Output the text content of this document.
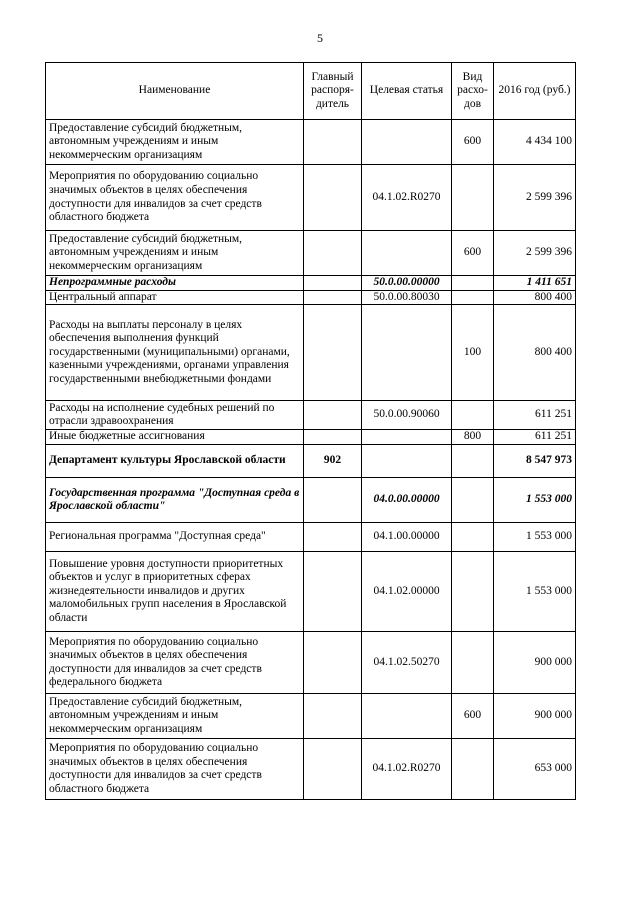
5
Наименование	Главный распоря-дитель	Целевая статья	Вид расхо-дов	2016 год (руб.)
Предоставление субсидий бюджетным, автономным учреждениям и иным некоммерческим организациям			600	4 434 100
Мероприятия по оборудованию социально значимых объектов в целях обеспечения доступности для инвалидов за счет средств областного бюджета		04.1.02.R0270		2 599 396
Предоставление субсидий бюджетным, автономным учреждениям и иным некоммерческим организациям			600	2 599 396
Непрограммные расходы		50.0.00.00000		1 411 651
Центральный аппарат		50.0.00.80030		800 400
Расходы на выплаты персоналу в целях обеспечения выполнения функций государственными (муниципальными) органами, казенными учреждениями, органами управления государственными внебюджетными фондами			100	800 400
Расходы на исполнение судебных решений по отрасли здравоохранения		50.0.00.90060		611 251
Иные бюджетные ассигнования			800	611 251
Департамент культуры Ярославской области	902			8 547 973
Государственная программа "Доступная среда в Ярославской области"		04.0.00.00000		1 553 000
Региональная программа "Доступная среда"		04.1.00.00000		1 553 000
Повышение уровня доступности приоритетных объектов и услуг в приоритетных сферах жизнедеятельности инвалидов и других маломобильных групп населения в Ярославской области		04.1.02.00000		1 553 000
Мероприятия по оборудованию социально значимых объектов в целях обеспечения доступности для инвалидов за счет средств федерального бюджета		04.1.02.50270		900 000
Предоставление субсидий бюджетным, автономным учреждениям и иным некоммерческим организациям			600	900 000
Мероприятия по оборудованию социально значимых объектов в целях обеспечения доступности для инвалидов за счет средств областного бюджета		04.1.02.R0270		653 000
